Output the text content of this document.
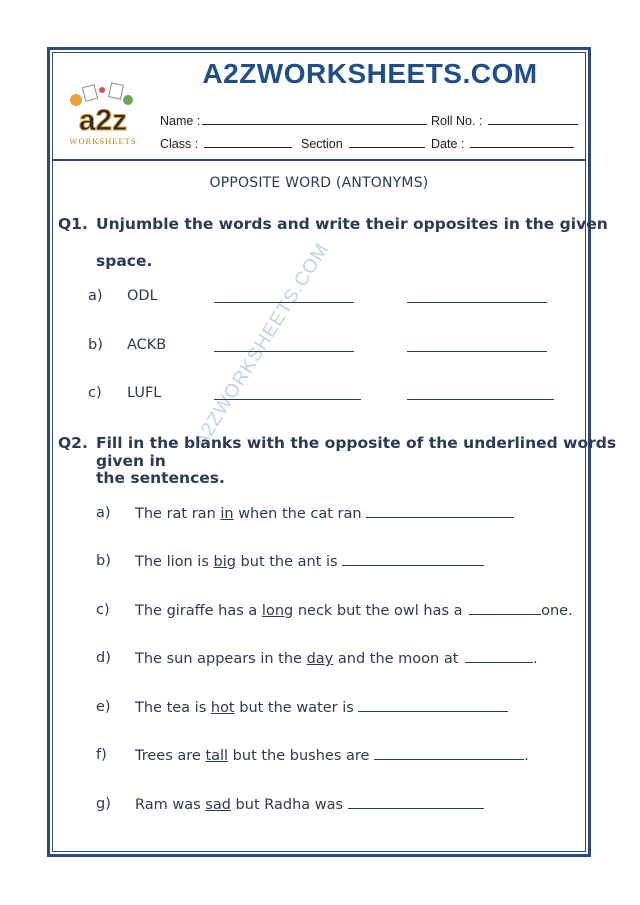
a2z
WORKSHEETS
A2ZWORKSHEETS.COM
Name :	Roll No. :
Class :	Section	Date :
OPPOSITE WORD (ANTONYMS)
A2ZWORKSHEETS.COM
Q1. Unjumble the words and write their opposites in the given
space.
a) ODL
b) ACKB
c) LUFL
Q2. Fill in the blanks with the opposite of the underlined words given in
the sentences.
a) The rat ran in when the cat ran
b) The lion is big but the ant is
c) The giraffe has a long neck but the owl has a	one.
d) The sun appears in the day and the moon at	.
e) The tea is hot but the water is
f) Trees are tall but the bushes are	.
g) Ram was sad but Radha was
